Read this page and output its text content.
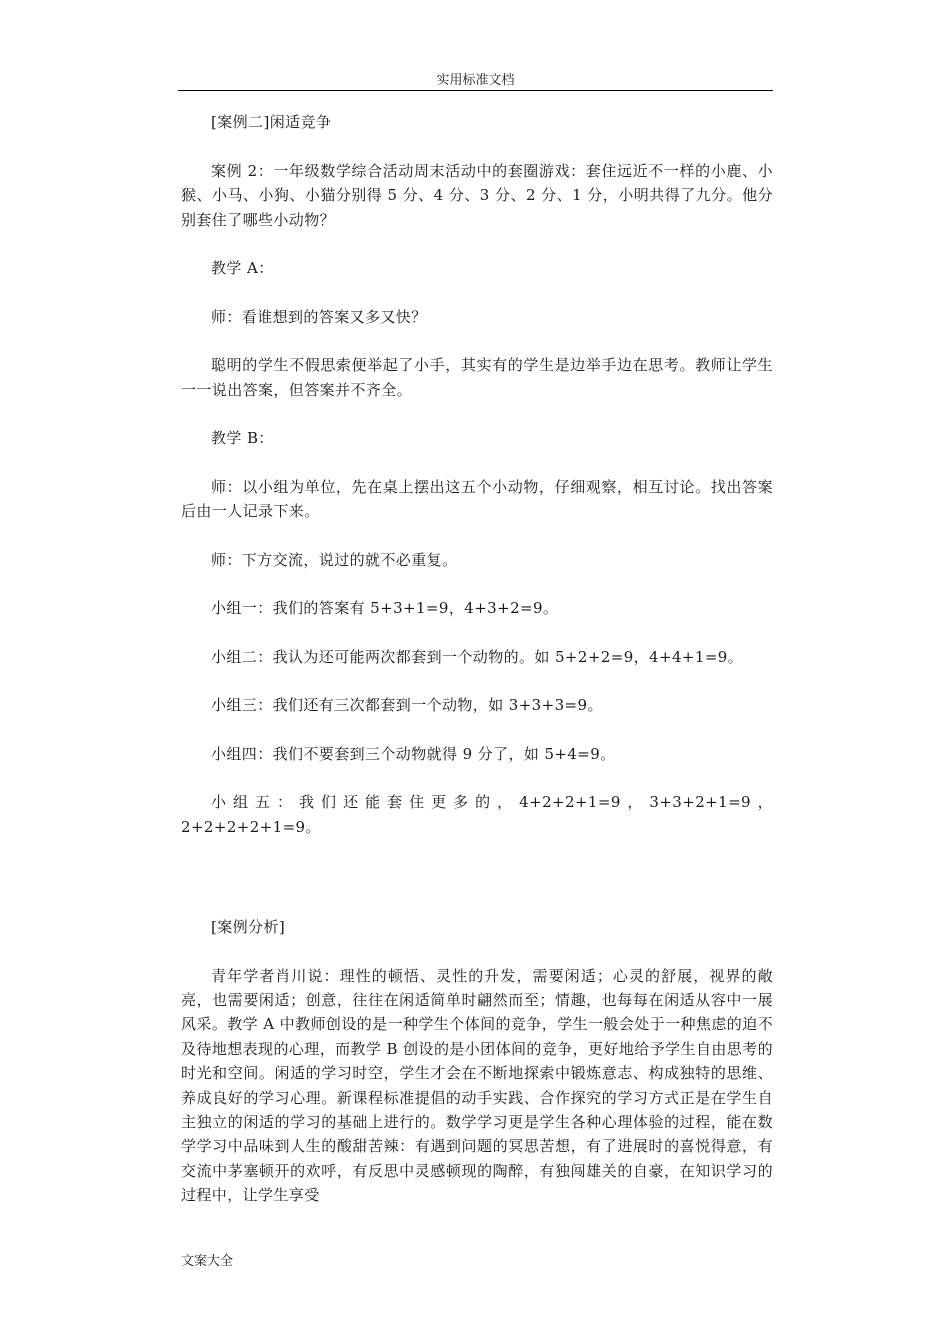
实用标准文档

[案例二]闲适竞争

案例 2：一年级数学综合活动周末活动中的套圈游戏：套住远近不一样的小鹿、小猴、小马、小狗、小猫分别得 5 分、4 分、3 分、2 分、1 分，小明共得了九分。他分别套住了哪些小动物？

教学 A：

师：看谁想到的答案又多又快？

聪明的学生不假思索便举起了小手，其实有的学生是边举手边在思考。教师让学生一一说出答案，但答案并不齐全。

教学 B：

师：以小组为单位，先在桌上摆出这五个小动物，仔细观察，相互讨论。找出答案后由一人记录下来。

师：下方交流，说过的就不必重复。

小组一：我们的答案有 5+3+1=9，4+3+2=9。

小组二：我认为还可能两次都套到一个动物的。如 5+2+2=9，4+4+1=9。

小组三：我们还有三次都套到一个动物，如 3+3+3=9。

小组四：我们不要套到三个动物就得 9 分了，如 5+4=9。

小组五：我们还能套住更多的，4+2+2+1=9，3+3+2+1=9，2+2+2+2+1=9。

[案例分析]

青年学者肖川说：理性的顿悟、灵性的升发，需要闲适；心灵的舒展，视界的敞亮，也需要闲适；创意，往往在闲适简单时翩然而至；情趣，也每每在闲适从容中一展风采。教学 A 中教师创设的是一种学生个体间的竞争，学生一般会处于一种焦虑的迫不及待地想表现的心理，而教学 B 创设的是小团体间的竞争，更好地给予学生自由思考的时光和空间。闲适的学习时空，学生才会在不断地探索中锻炼意志、构成独特的思维、养成良好的学习心理。新课程标准提倡的动手实践、合作探究的学习方式正是在学生自主独立的闲适的学习的基础上进行的。数学学习更是学生各种心理体验的过程，能在数学学习中品味到人生的酸甜苦辣：有遇到问题的冥思苦想，有了进展时的喜悦得意，有交流中茅塞顿开的欢呼，有反思中灵感顿现的陶醉，有独闯雄关的自豪，在知识学习的过程中，让学生享受

文案大全
